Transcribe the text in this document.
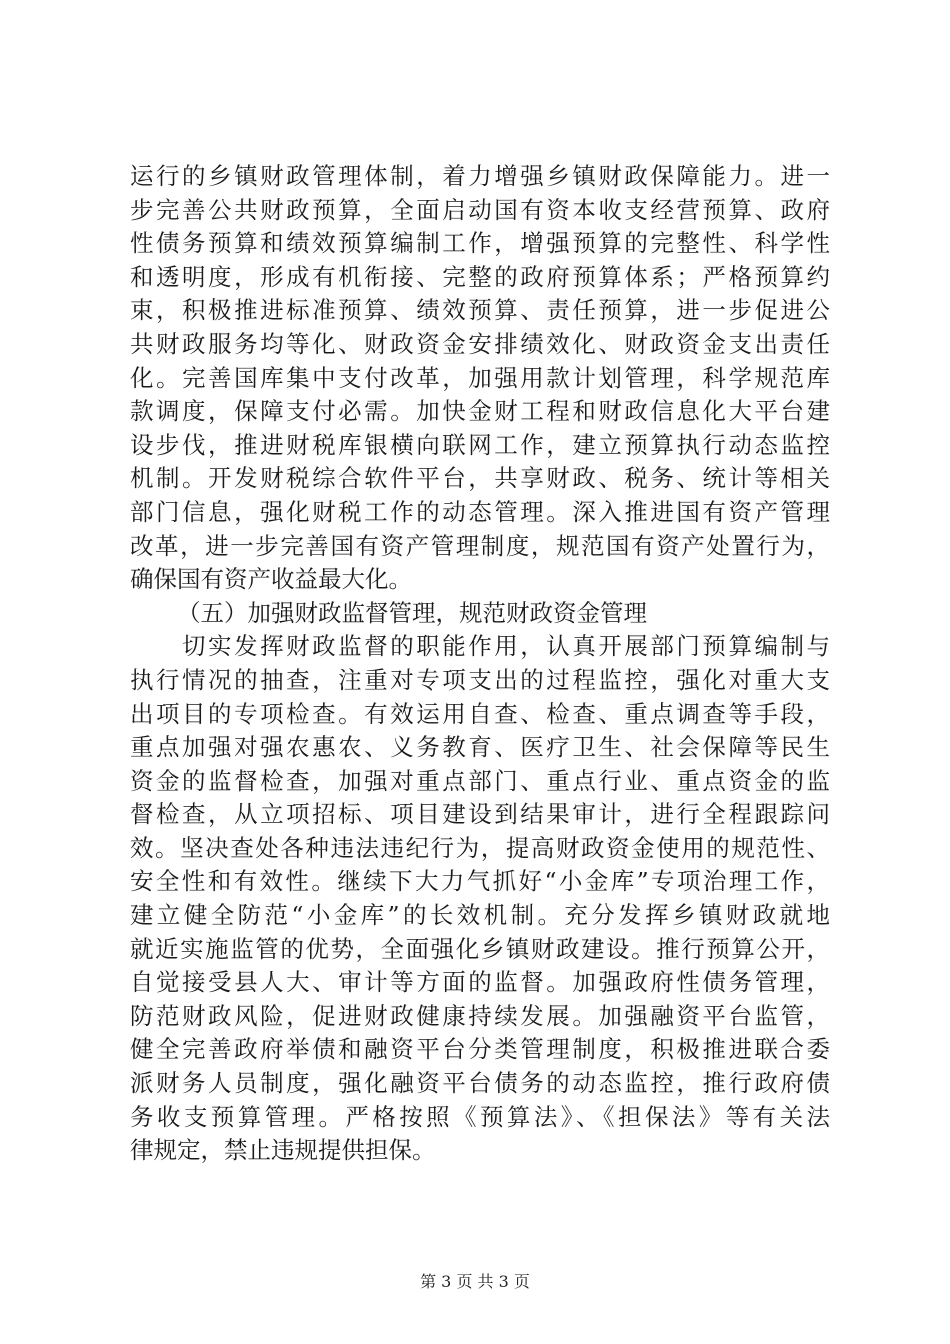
运行的乡镇财政管理体制，着力增强乡镇财政保障能力。进一
步完善公共财政预算，全面启动国有资本收支经营预算、政府
性债务预算和绩效预算编制工作，增强预算的完整性、科学性
和透明度，形成有机衔接、完整的政府预算体系；严格预算约
束，积极推进标准预算、绩效预算、责任预算，进一步促进公
共财政服务均等化、财政资金安排绩效化、财政资金支出责任
化。完善国库集中支付改革，加强用款计划管理，科学规范库
款调度，保障支付必需。加快金财工程和财政信息化大平台建
设步伐，推进财税库银横向联网工作，建立预算执行动态监控
机制。开发财税综合软件平台，共享财政、税务、统计等相关
部门信息，强化财税工作的动态管理。深入推进国有资产管理
改革，进一步完善国有资产管理制度，规范国有资产处置行为，
确保国有资产收益最大化。
（五）加强财政监督管理，规范财政资金管理
　　切实发挥财政监督的职能作用，认真开展部门预算编制与
执行情况的抽查，注重对专项支出的过程监控，强化对重大支
出项目的专项检查。有效运用自查、检查、重点调查等手段，
重点加强对强农惠农、义务教育、医疗卫生、社会保障等民生
资金的监督检查，加强对重点部门、重点行业、重点资金的监
督检查，从立项招标、项目建设到结果审计，进行全程跟踪问
效。坚决查处各种违法违纪行为，提高财政资金使用的规范性、
安全性和有效性。继续下大力气抓好“小金库”专项治理工作，
建立健全防范“小金库”的长效机制。充分发挥乡镇财政就地
就近实施监管的优势，全面强化乡镇财政建设。推行预算公开，
自觉接受县人大、审计等方面的监督。加强政府性债务管理，
防范财政风险，促进财政健康持续发展。加强融资平台监管，
健全完善政府举债和融资平台分类管理制度，积极推进联合委
派财务人员制度，强化融资平台债务的动态监控，推行政府债
务收支预算管理。严格按照《预算法》、《担保法》等有关法
律规定，禁止违规提供担保。
第 3 页 共 3 页
